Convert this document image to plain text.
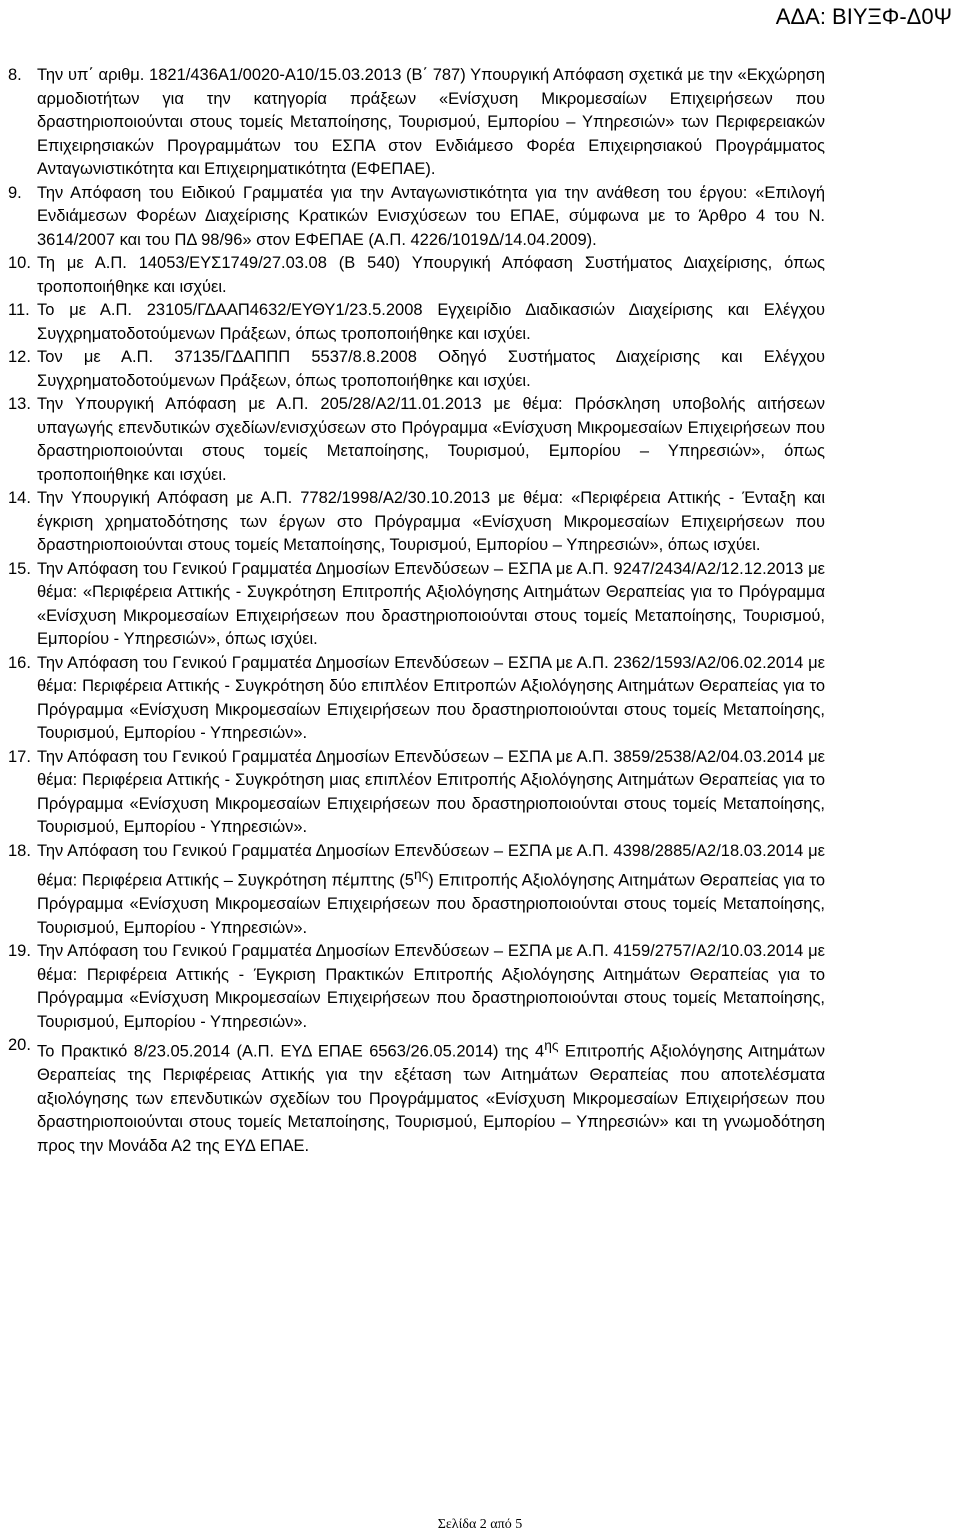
ΑΔΑ: ΒΙΥΞΦ-Δ0Ψ
8. Την υπ΄ αριθμ. 1821/436Α1/0020-Α10/15.03.2013 (Β΄ 787) Υπουργική Απόφαση σχετικά με την «Εκχώρηση αρμοδιοτήτων για την κατηγορία πράξεων «Ενίσχυση Μικρομεσαίων Επιχειρήσεων που δραστηριοποιούνται στους τομείς Μεταποίησης, Τουρισμού, Εμπορίου – Υπηρεσιών» των Περιφερειακών Επιχειρησιακών Προγραμμάτων του ΕΣΠΑ στον Ενδιάμεσο Φορέα Επιχειρησιακού Προγράμματος Ανταγωνιστικότητα και Επιχειρηματικότητα (ΕΦΕΠΑΕ).
9. Την Απόφαση του Ειδικού Γραμματέα για την Ανταγωνιστικότητα για την ανάθεση του έργου: «Επιλογή Ενδιάμεσων Φορέων Διαχείρισης Κρατικών Ενισχύσεων του ΕΠΑΕ, σύμφωνα με το Άρθρο 4 του Ν. 3614/2007 και του ΠΔ 98/96» στον ΕΦΕΠΑΕ (Α.Π. 4226/1019Δ/14.04.2009).
10. Τη με Α.Π. 14053/ΕΥΣ1749/27.03.08 (Β 540) Υπουργική Απόφαση Συστήματος Διαχείρισης, όπως τροποποιήθηκε και ισχύει.
11. Το με Α.Π. 23105/ΓΔΑΑΠ4632/ΕΥΘΥ1/23.5.2008 Εγχειρίδιο Διαδικασιών Διαχείρισης και Ελέγχου Συγχρηματοδοτούμενων Πράξεων, όπως τροποποιήθηκε και ισχύει.
12. Τον με Α.Π. 37135/ΓΔΑΠΠΠ 5537/8.8.2008 Οδηγό Συστήματος Διαχείρισης και Ελέγχου Συγχρηματοδοτούμενων Πράξεων, όπως τροποποιήθηκε και ισχύει.
13. Την Υπουργική Απόφαση με Α.Π. 205/28/Α2/11.01.2013 με θέμα: Πρόσκληση υποβολής αιτήσεων υπαγωγής επενδυτικών σχεδίων/ενισχύσεων στο Πρόγραμμα «Ενίσχυση Μικρομεσαίων Επιχειρήσεων που δραστηριοποιούνται στους τομείς Μεταποίησης, Τουρισμού, Εμπορίου – Υπηρεσιών», όπως τροποποιήθηκε και ισχύει.
14. Την Υπουργική Απόφαση με Α.Π. 7782/1998/Α2/30.10.2013 με θέμα: «Περιφέρεια Αττικής - Ένταξη και έγκριση χρηματοδότησης των έργων στο Πρόγραμμα «Ενίσχυση Μικρομεσαίων Επιχειρήσεων που δραστηριοποιούνται στους τομείς Μεταποίησης, Τουρισμού, Εμπορίου – Υπηρεσιών», όπως ισχύει.
15. Την Απόφαση του Γενικού Γραμματέα Δημοσίων Επενδύσεων – ΕΣΠΑ με Α.Π. 9247/2434/Α2/12.12.2013 με θέμα: «Περιφέρεια Αττικής - Συγκρότηση Επιτροπής Αξιολόγησης Αιτημάτων Θεραπείας για το Πρόγραμμα «Ενίσχυση Μικρομεσαίων Επιχειρήσεων που δραστηριοποιούνται στους τομείς Μεταποίησης, Τουρισμού, Εμπορίου - Υπηρεσιών», όπως ισχύει.
16. Την Απόφαση του Γενικού Γραμματέα Δημοσίων Επενδύσεων – ΕΣΠΑ με Α.Π. 2362/1593/Α2/06.02.2014 με θέμα: Περιφέρεια Αττικής - Συγκρότηση δύο επιπλέον Επιτροπών Αξιολόγησης Αιτημάτων Θεραπείας για το Πρόγραμμα «Ενίσχυση Μικρομεσαίων Επιχειρήσεων που δραστηριοποιούνται στους τομείς Μεταποίησης, Τουρισμού, Εμπορίου - Υπηρεσιών».
17. Την Απόφαση του Γενικού Γραμματέα Δημοσίων Επενδύσεων – ΕΣΠΑ με Α.Π. 3859/2538/Α2/04.03.2014 με θέμα: Περιφέρεια Αττικής - Συγκρότηση μιας επιπλέον Επιτροπής Αξιολόγησης Αιτημάτων Θεραπείας για το Πρόγραμμα «Ενίσχυση Μικρομεσαίων Επιχειρήσεων που δραστηριοποιούνται στους τομείς Μεταποίησης, Τουρισμού, Εμπορίου - Υπηρεσιών».
18. Την Απόφαση του Γενικού Γραμματέα Δημοσίων Επενδύσεων – ΕΣΠΑ με Α.Π. 4398/2885/Α2/18.03.2014 με θέμα: Περιφέρεια Αττικής – Συγκρότηση πέμπτης $(5^{\eta\varsigma})$ Επιτροπής Αξιολόγησης Αιτημάτων Θεραπείας για το Πρόγραμμα «Ενίσχυση Μικρομεσαίων Επιχειρήσεων που δραστηριοποιούνται στους τομείς Μεταποίησης, Τουρισμού, Εμπορίου - Υπηρεσιών».
19. Την Απόφαση του Γενικού Γραμματέα Δημοσίων Επενδύσεων – ΕΣΠΑ με Α.Π. 4159/2757/Α2/10.03.2014 με θέμα: Περιφέρεια Αττικής - Έγκριση Πρακτικών Επιτροπής Αξιολόγησης Αιτημάτων Θεραπείας για το Πρόγραμμα «Ενίσχυση Μικρομεσαίων Επιχειρήσεων που δραστηριοποιούνται στους τομείς Μεταποίησης, Τουρισμού, Εμπορίου - Υπηρεσιών».
20. Το Πρακτικό 8/23.05.2014 (Α.Π. ΕΥΔ ΕΠΑΕ 6563/26.05.2014) της $4^{\eta\varsigma}$ Επιτροπής Αξιολόγησης Αιτημάτων Θεραπείας της Περιφέρειας Αττικής για την εξέταση των Αιτημάτων Θεραπείας που αποτελέσματα αξιολόγησης των επενδυτικών σχεδίων του Προγράμματος «Ενίσχυση Μικρομεσαίων Επιχειρήσεων που δραστηριοποιούνται στους τομείς Μεταποίησης, Τουρισμού, Εμπορίου – Υπηρεσιών» και τη γνωμοδότηση προς την Μονάδα Α2 της ΕΥΔ ΕΠΑΕ.
Σελίδα 2 από 5
